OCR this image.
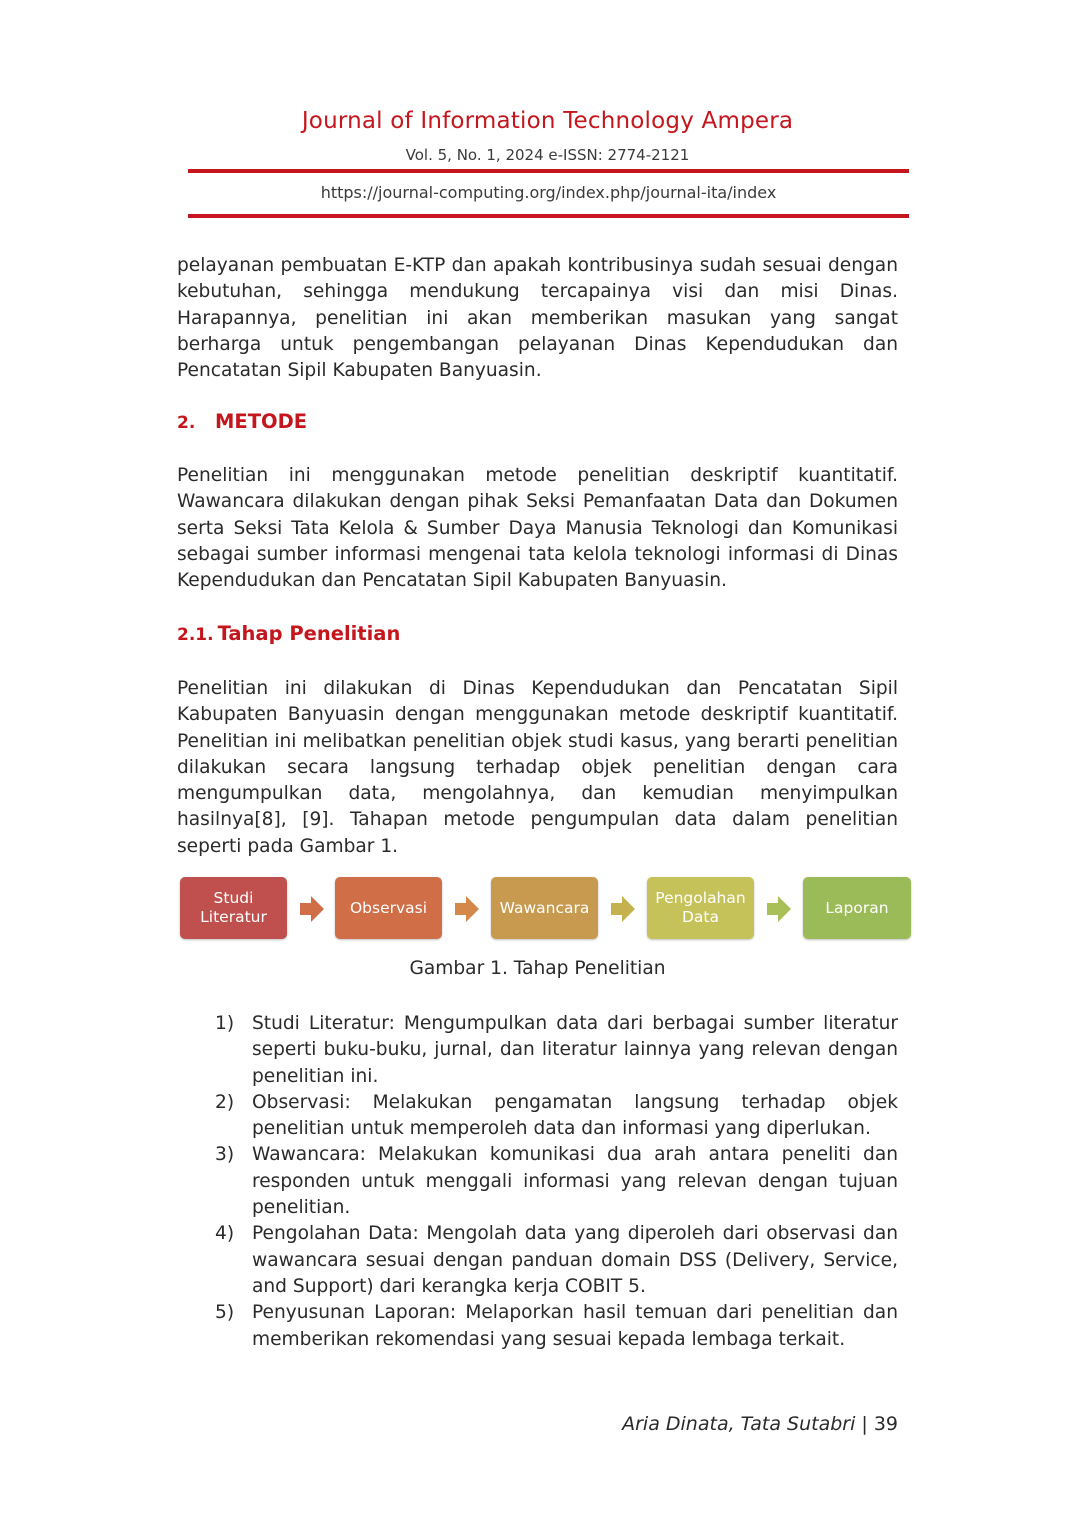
Journal of Information Technology Ampera
Vol. 5, No. 1, 2024 e-ISSN: 2774-2121
https://journal-computing.org/index.php/journal-ita/index

pelayanan pembuatan E-KTP dan apakah kontribusinya sudah sesuai dengan kebutuhan, sehingga mendukung tercapainya visi dan misi Dinas. Harapannya, penelitian ini akan memberikan masukan yang sangat berharga untuk pengembangan pelayanan Dinas Kependudukan dan Pencatatan Sipil Kabupaten Banyuasin.

2. METODE

Penelitian ini menggunakan metode penelitian deskriptif kuantitatif. Wawancara dilakukan dengan pihak Seksi Pemanfaatan Data dan Dokumen serta Seksi Tata Kelola & Sumber Daya Manusia Teknologi dan Komunikasi sebagai sumber informasi mengenai tata kelola teknologi informasi di Dinas Kependudukan dan Pencatatan Sipil Kabupaten Banyuasin.

2.1. Tahap Penelitian

Penelitian ini dilakukan di Dinas Kependudukan dan Pencatatan Sipil Kabupaten Banyuasin dengan menggunakan metode deskriptif kuantitatif. Penelitian ini melibatkan penelitian objek studi kasus, yang berarti penelitian dilakukan secara langsung terhadap objek penelitian dengan cara mengumpulkan data, mengolahnya, dan kemudian menyimpulkan hasilnya[8], [9]. Tahapan metode pengumpulan data dalam penelitian seperti pada Gambar 1.

Studi
Literatur
Observasi	Wawancara
Pengolahan
Data
Laporan
Gambar 1. Tahap Penelitian
1) Studi Literatur: Mengumpulkan data dari berbagai sumber literatur seperti buku-buku, jurnal, dan literatur lainnya yang relevan dengan penelitian ini.
2) Observasi: Melakukan pengamatan langsung terhadap objek penelitian untuk memperoleh data dan informasi yang diperlukan.
3) Wawancara: Melakukan komunikasi dua arah antara peneliti dan responden untuk menggali informasi yang relevan dengan tujuan penelitian.
4) Pengolahan Data: Mengolah data yang diperoleh dari observasi dan wawancara sesuai dengan panduan domain DSS (Delivery, Service, and Support) dari kerangka kerja COBIT 5.
5) Penyusunan Laporan: Melaporkan hasil temuan dari penelitian dan memberikan rekomendasi yang sesuai kepada lembaga terkait.
Aria Dinata, Tata Sutabri | 39
